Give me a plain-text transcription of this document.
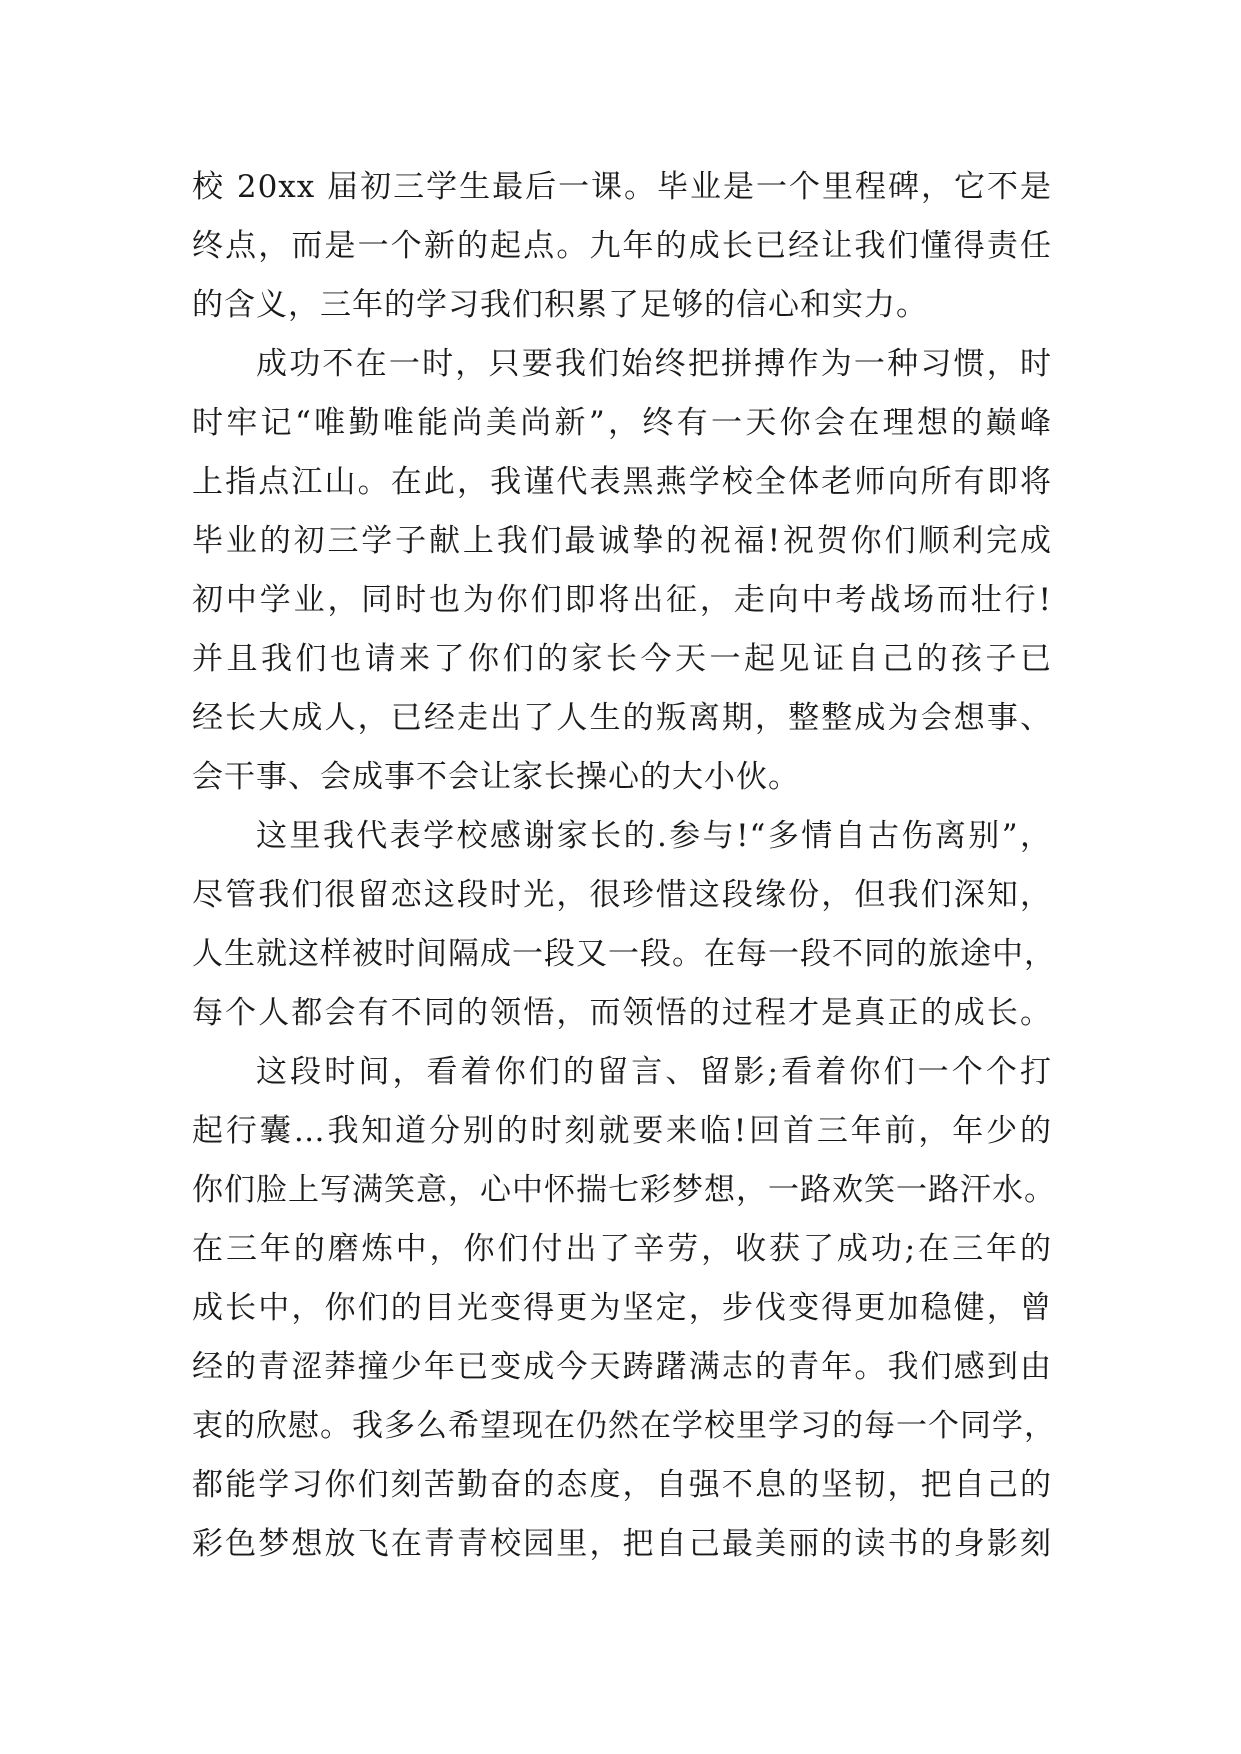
校 20xx 届初三学生最后一课。毕业是一个里程碑，它不是
终点，而是一个新的起点。九年的成长已经让我们懂得责任
的含义，三年的学习我们积累了足够的信心和实力。
成功不在一时，只要我们始终把拼搏作为一种习惯，时
时牢记“唯勤唯能尚美尚新”，终有一天你会在理想的巅峰
上指点江山。在此，我谨代表黑燕学校全体老师向所有即将
毕业的初三学子献上我们最诚挚的祝福!祝贺你们顺利完成
初中学业，同时也为你们即将出征，走向中考战场而壮行!
并且我们也请来了你们的家长今天一起见证自己的孩子已
经长大成人，已经走出了人生的叛离期，整整成为会想事、
会干事、会成事不会让家长操心的大小伙。
这里我代表学校感谢家长的.参与!“多情自古伤离别”，
尽管我们很留恋这段时光，很珍惜这段缘份，但我们深知，
人生就这样被时间隔成一段又一段。在每一段不同的旅途中，
每个人都会有不同的领悟，而领悟的过程才是真正的成长。
这段时间，看着你们的留言、留影;看着你们一个个打
起行囊…我知道分别的时刻就要来临!回首三年前，年少的
你们脸上写满笑意，心中怀揣七彩梦想，一路欢笑一路汗水。
在三年的磨炼中，你们付出了辛劳，收获了成功;在三年的
成长中，你们的目光变得更为坚定，步伐变得更加稳健，曾
经的青涩莽撞少年已变成今天踌躇满志的青年。我们感到由
衷的欣慰。我多么希望现在仍然在学校里学习的每一个同学，
都能学习你们刻苦勤奋的态度，自强不息的坚韧，把自己的
彩色梦想放飞在青青校园里，把自己最美丽的读书的身影刻
